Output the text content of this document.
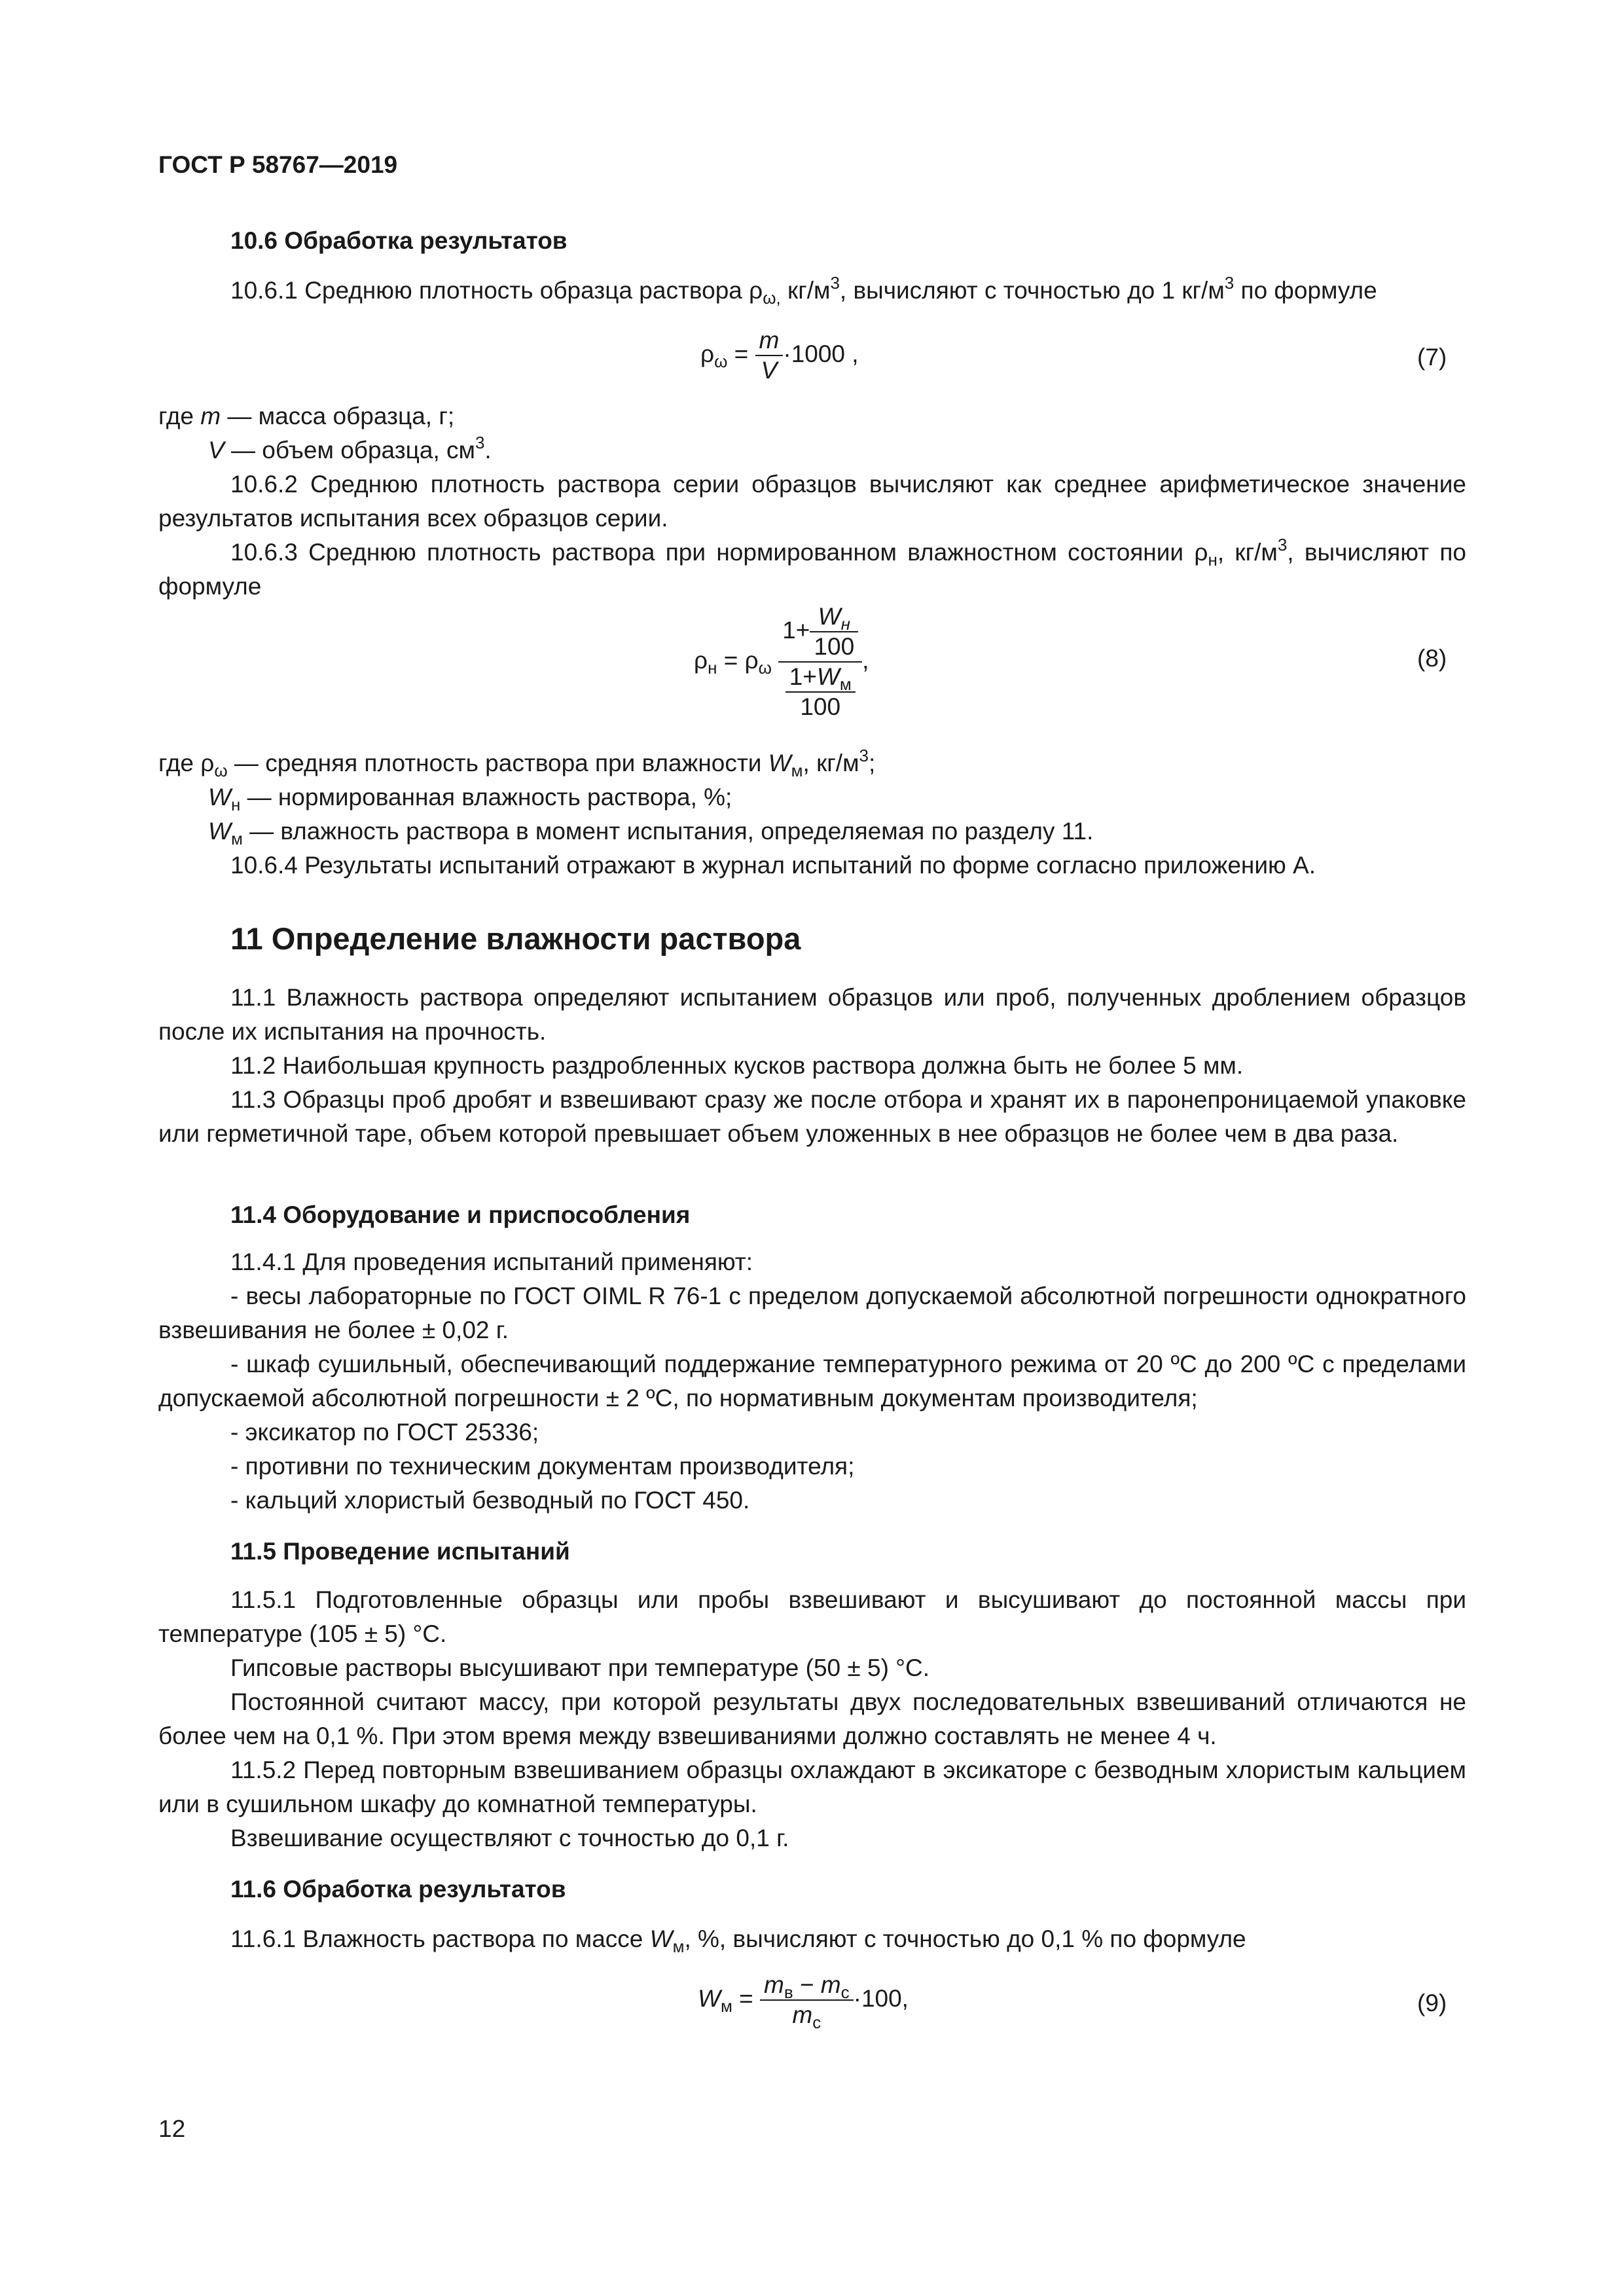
ГОСТ Р 58767—2019
10.6 Обработка результатов
10.6.1 Среднюю плотность образца раствора $\rho_{\omega,}$ $кг/м^3$, вычисляют с точностью до 1 $кг/м^3$ по формуле
$\rho_\omega = \frac{m}{V} \cdot 1000$ ,	(7)
где m — масса образца, г;
V — объем образца, $см^3$.
10.6.2 Среднюю плотность раствора серии образцов вычисляют как среднее арифметическое значение результатов испытания всех образцов серии.
10.6.3 Среднюю плотность раствора при нормированном влажностном состоянии $\rho_н$, $кг/м^3$, вычисляют по формуле
$\rho_н = \rho_\omega \frac{1+ \frac{W_н}{100}}{\frac{1+W_м}{100}}$ ,	(8)
где $\rho_\omega$ — средняя плотность раствора при влажности $W_м$, $кг/м^3$;
$W_н$ — нормированная влажность раствора, %;
$W_м$ — влажность раствора в момент испытания, определяемая по разделу 11.
10.6.4 Результаты испытаний отражают в журнал испытаний по форме согласно приложению А.
11 Определение влажности раствора
11.1 Влажность раствора определяют испытанием образцов или проб, полученных дроблением образцов после их испытания на прочность.
11.2 Наибольшая крупность раздробленных кусков раствора должна быть не более 5 мм.
11.3 Образцы проб дробят и взвешивают сразу же после отбора и хранят их в паронепроницаемой упаковке или герметичной таре, объем которой превышает объем уложенных в нее образцов не более чем в два раза.
11.4 Оборудование и приспособления
11.4.1 Для проведения испытаний применяют:
- весы лабораторные по ГОСТ OIML R 76-1 с пределом допускаемой абсолютной погрешности однократного взвешивания не более ± 0,02 г.
- шкаф сушильный, обеспечивающий поддержание температурного режима от 20 ºС до 200 ºС с пределами допускаемой абсолютной погрешности ± 2 ºС, по нормативным документам производителя;
- эксикатор по ГОСТ 25336;
- противни по техническим документам производителя;
- кальций хлористый безводный по ГОСТ 450.
11.5 Проведение испытаний
11.5.1 Подготовленные образцы или пробы взвешивают и высушивают до постоянной массы при температуре (105 ± 5) °С.
Гипсовые растворы высушивают при температуре (50 ± 5) °С.
Постоянной считают массу, при которой результаты двух последовательных взвешиваний отличаются не более чем на 0,1 %. При этом время между взвешиваниями должно составлять не менее 4 ч.
11.5.2 Перед повторным взвешиванием образцы охлаждают в эксикаторе с безводным хлористым кальцием или в сушильном шкафу до комнатной температуры.
Взвешивание осуществляют с точностью до 0,1 г.
11.6 Обработка результатов
11.6.1 Влажность раствора по массе $W_м$, %, вычисляют с точностью до 0,1 % по формуле
$W_м = \frac{m_в - m_с}{m_с} \cdot 100$,	(9)
12
